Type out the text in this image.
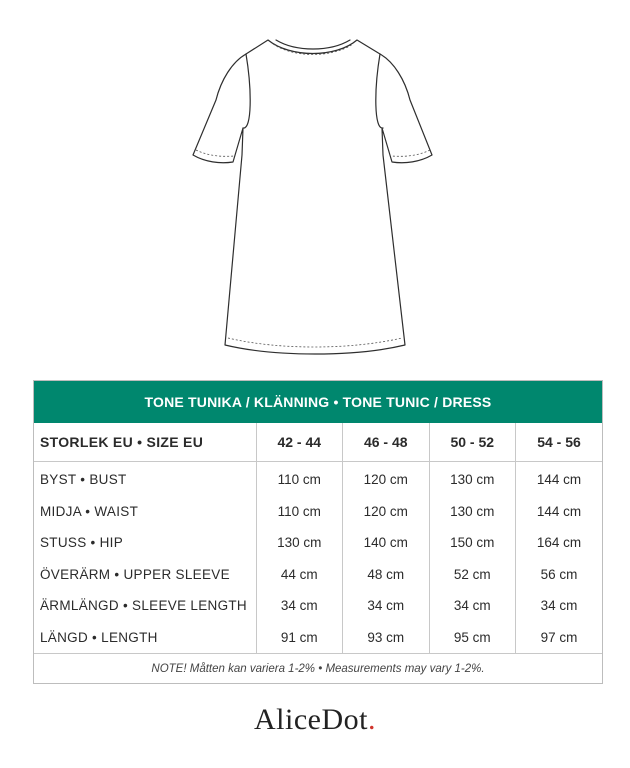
TONE TUNIKA / KLÄNNING • TONE TUNIC / DRESS
STORLEK EU • SIZE EU	42 - 44	46 - 48	50 - 52	54 - 56
BYST • BUST	110 cm	120 cm	130 cm	144 cm
MIDJA • WAIST	110 cm	120 cm	130 cm	144 cm
STUSS • HIP	130 cm	140 cm	150 cm	164 cm
ÖVERÄRM • UPPER SLEEVE	44 cm	48 cm	52 cm	56 cm
ÄRMLÄNGD • SLEEVE LENGTH	34 cm	34 cm	34 cm	34 cm
LÄNGD • LENGTH	91 cm	93 cm	95 cm	97 cm
NOTE! Måtten kan variera 1-2% • Measurements may vary 1-2%.
AliceDot.
